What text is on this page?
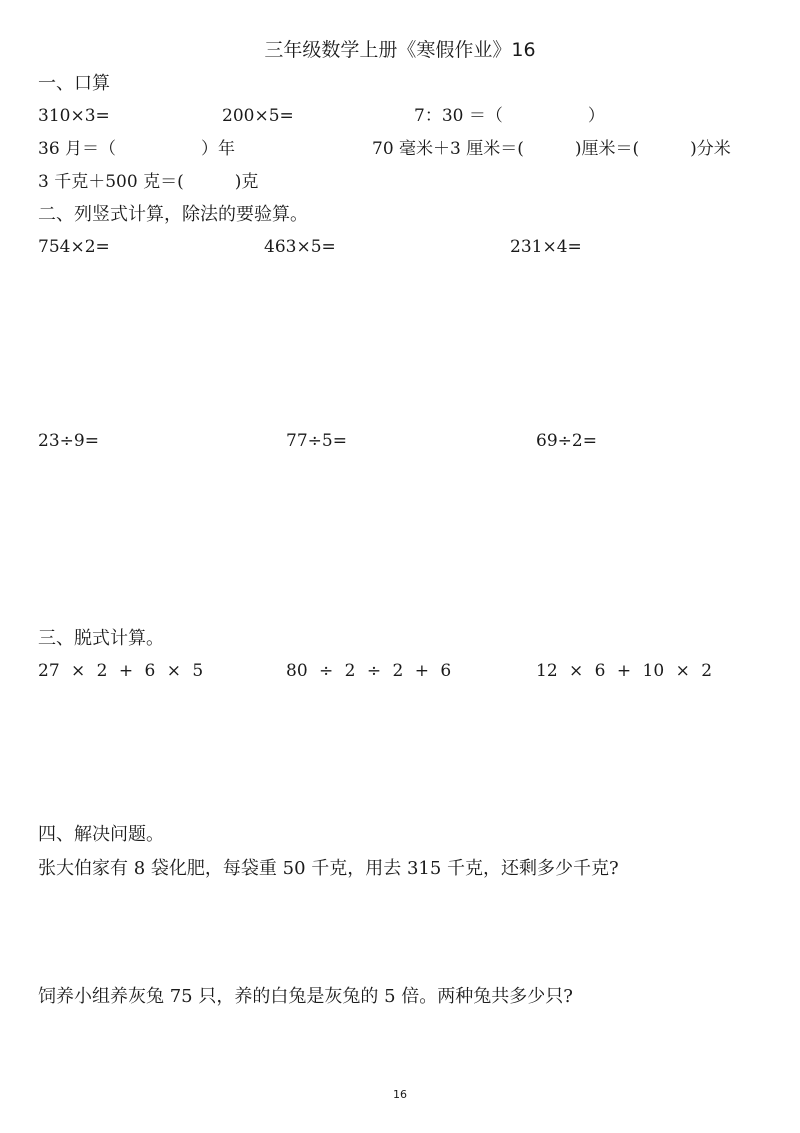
三年级数学上册《寒假作业》16
一、口算
310×3=	200×5=	7：30 ＝（　　　　　）
36 月＝（　　　　　）年	70 毫米＋3 厘米＝(　　　)厘米＝(　　　)分米
3 千克＋500 克＝(　　　)克
二、列竖式计算，除法的要验算。
754×2=	463×5=	231×4=
23÷9=	77÷5=	69÷2=
三、脱式计算。
27 × 2 + 6 × 5	80 ÷ 2 ÷ 2 + 6	12 × 6 + 10 × 2
四、解决问题。
张大伯家有 8 袋化肥，每袋重 50 千克，用去 315 千克，还剩多少千克?
饲养小组养灰兔 75 只，养的白兔是灰兔的 5 倍。两种兔共多少只?
16
